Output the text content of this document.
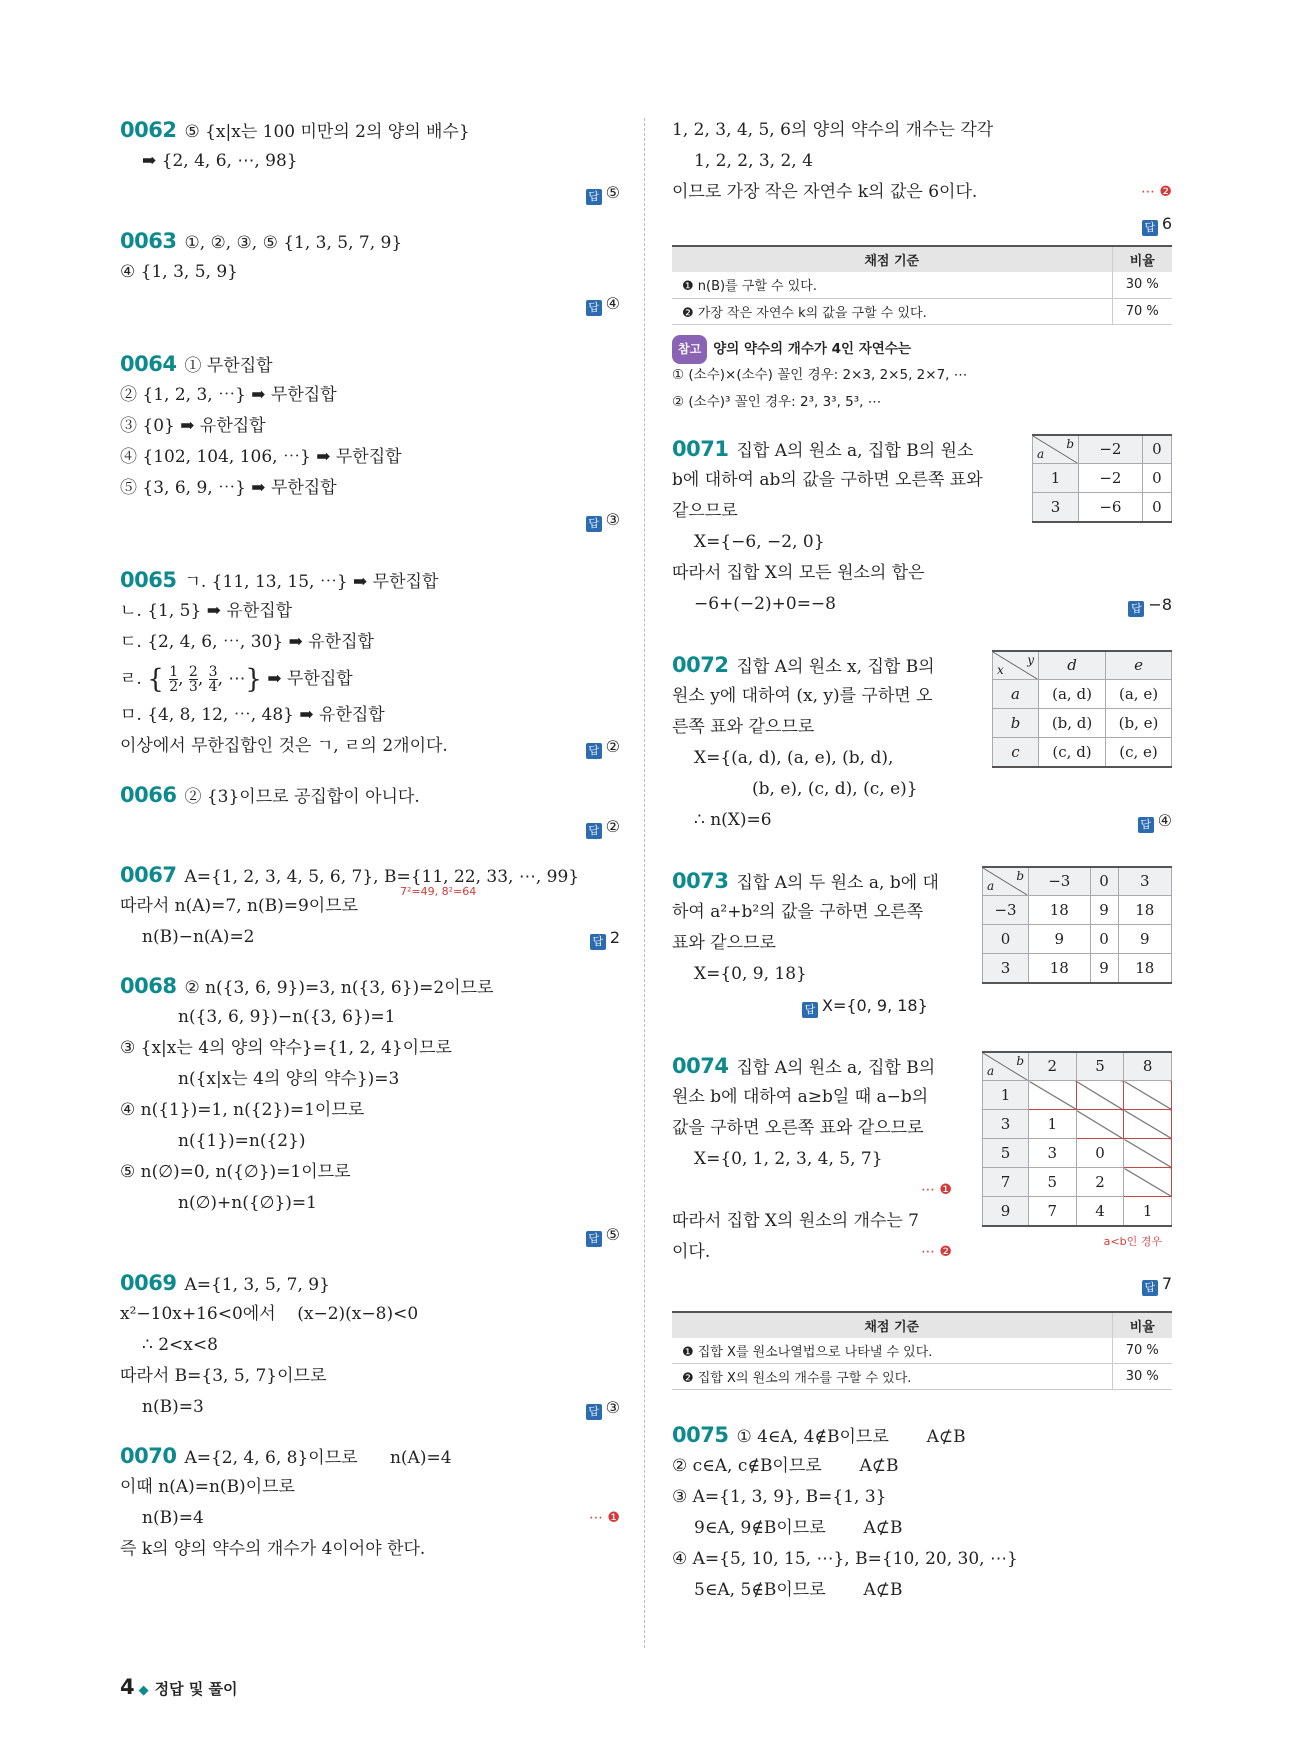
0062 ⑤ {x|x는 100 미만의 2의 양의 배수}
➡ {2, 4, 6, ⋯, 98}
답 ⑤
0063 ①, ②, ③, ⑤ {1, 3, 5, 7, 9}
④ {1, 3, 5, 9}
답 ④
0064 ① 무한집합
② {1, 2, 3, ⋯} ➡ 무한집합
③ {0} ➡ 유한집합
④ {102, 104, 106, ⋯} ➡ 무한집합
⑤ {3, 6, 9, ⋯} ➡ 무한집합
답 ③
0065 ㄱ. {11, 13, 15, ⋯} ➡ 무한집합
ㄴ. {1, 5} ➡ 유한집합
ㄷ. {2, 4, 6, ⋯, 30} ➡ 유한집합
ㄹ. { $\frac{1}{2}$ , $\frac{2}{3}$ , $\frac{3}{4}$ , ⋯} ➡ 무한집합
ㅁ. {4, 8, 12, ⋯, 48} ➡ 유한집합
이상에서 무한집합인 것은 ㄱ, ㄹ의 2개이다.	답 ②
0066 ② {3}이므로 공집합이 아니다.
답 ②
0067 A={1, 2, 3, 4, 5, 6, 7}, B={11, 22, 33, ⋯, 99}
7²=49, 8²=64
따라서 n(A)=7, n(B)=9이므로
n(B)−n(A)=2	답 2
0068 ② n({3, 6, 9})=3, n({3, 6})=2이므로
n({3, 6, 9})−n({3, 6})=1
③ {x|x는 4의 양의 약수}={1, 2, 4}이므로
n({x|x는 4의 양의 약수})=3
④ n({1})=1, n({2})=1이므로
n({1})=n({2})
⑤ n(∅)=0, n({∅})=1이므로
n(∅)+n({∅})=1
답 ⑤
0069 A={1, 3, 5, 7, 9}
x²−10x+16<0에서    (x−2)(x−8)<0
∴ 2<x<8
따라서 B={3, 5, 7}이므로
n(B)=3	답 ③
0070 A={2, 4, 6, 8}이므로      n(A)=4
이때 n(A)=n(B)이므로
n(B)=4	⋯ ❶
즉 k의 양의 약수의 개수가 4이어야 한다.
1, 2, 3, 4, 5, 6의 양의 약수의 개수는 각각
1, 2, 2, 3, 2, 4
이므로 가장 작은 자연수 k의 값은 6이다.	⋯ ❷
답 6
채점 기준	비율
❶ n(B)를 구할 수 있다.	30 %
❷ 가장 작은 자연수 k의 값을 구할 수 있다.	70 %
참고 양의 약수의 개수가 4인 자연수는
① (소수)×(소수) 꼴인 경우: 2×3, 2×5, 2×7, ⋯
② (소수)³ 꼴인 경우: 2³, 3³, 5³, ⋯
a
b	−2	0
1	−2	0
3	−6	0
0071 집합 A의 원소 a, 집합 B의 원소
b에 대하여 ab의 값을 구하면 오른쪽 표와
같으므로
X={−6, −2, 0}
따라서 집합 X의 모든 원소의 합은
−6+(−2)+0=−8	답 −8
x
y	d	e
a	(a, d)	(a, e)
b	(b, d)	(b, e)
c	(c, d)	(c, e)
0072 집합 A의 원소 x, 집합 B의
원소 y에 대하여 (x, y)를 구하면 오
른쪽 표와 같으므로
X={(a, d), (a, e), (b, d),
(b, e), (c, d), (c, e)}
∴ n(X)=6	답 ④
a
b	−3	0	3
−3	18	9	18
0	9	0	9
3	18	9	18
0073 집합 A의 두 원소 a, b에 대
하여 a²+b²의 값을 구하면 오른쪽
표와 같으므로
X={0, 9, 18}
답 X={0, 9, 18}
a
b	2	5	8
1			
3	1		
5	3	0	
7	5	2	
9	7	4	1
a<b인 경우
0074 집합 A의 원소 a, 집합 B의
원소 b에 대하여 a≥b일 때 a−b의
값을 구하면 오른쪽 표와 같으므로
X={0, 1, 2, 3, 4, 5, 7}
⋯ ❶
따라서 집합 X의 원소의 개수는 7
이다.	⋯ ❷
답 7
채점 기준	비율
❶ 집합 X를 원소나열법으로 나타낼 수 있다.	70 %
❷ 집합 X의 원소의 개수를 구할 수 있다.	30 %
0075 ① 4∈A, 4∉B이므로       A⊄B
② c∈A, c∉B이므로       A⊄B
③ A={1, 3, 9}, B={1, 3}
9∈A, 9∉B이므로       A⊄B
④ A={5, 10, 15, ⋯}, B={10, 20, 30, ⋯}
5∈A, 5∉B이므로       A⊄B
4 ◆ 정답 및 풀이
